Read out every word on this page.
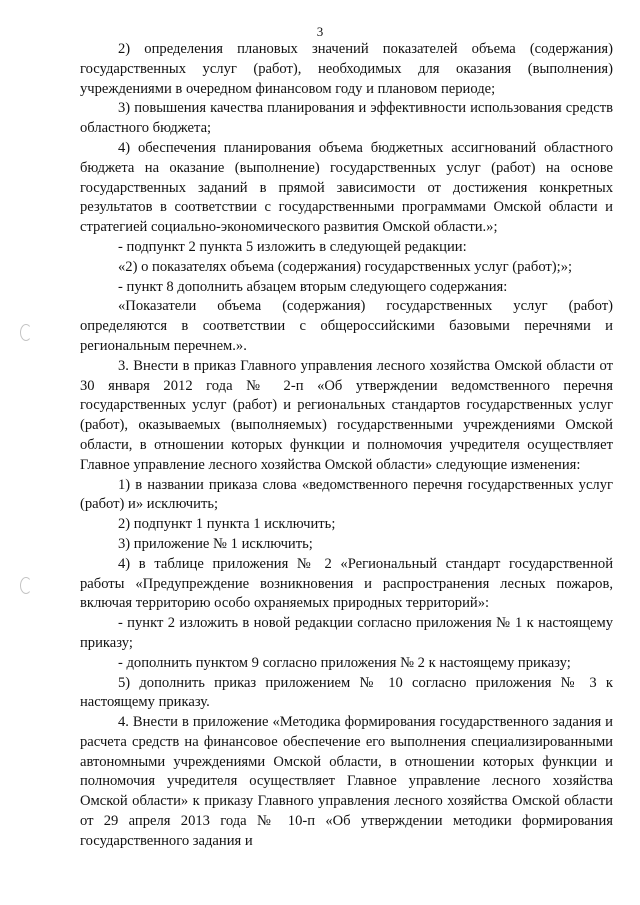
3

2) определения плановых значений показателей объема (содержания) государственных услуг (работ), необходимых для оказания (выполнения) учреждениями в очередном финансовом году и плановом периоде;

3) повышения качества планирования и эффективности использования средств областного бюджета;

4) обеспечения планирования объема бюджетных ассигнований областного бюджета на оказание (выполнение) государственных услуг (работ) на основе государственных заданий в прямой зависимости от достижения конкретных результатов в соответствии с государственными программами Омской области и стратегией социально-экономического развития Омской области.»;

- подпункт 2 пункта 5 изложить в следующей редакции:

«2) о показателях объема (содержания) государственных услуг (работ);»;

- пункт 8 дополнить абзацем вторым следующего содержания:

«Показатели объема (содержания) государственных услуг (работ) определяются в соответствии с общероссийскими базовыми перечнями и региональным перечнем.».

3. Внести в приказ Главного управления лесного хозяйства Омской области от 30 января 2012 года № 2-п «Об утверждении ведомственного перечня государственных услуг (работ) и региональных стандартов государственных услуг (работ), оказываемых (выполняемых) государственными учреждениями Омской области, в отношении которых функции и полномочия учредителя осуществляет Главное управление лесного хозяйства Омской области» следующие изменения:

1) в названии приказа слова «ведомственного перечня государственных услуг (работ) и» исключить;

2) подпункт 1 пункта 1 исключить;

3) приложение № 1 исключить;

4) в таблице приложения № 2 «Региональный стандарт государственной работы «Предупреждение возникновения и распространения лесных пожаров, включая территорию особо охраняемых природных территорий»:

- пункт 2 изложить в новой редакции согласно приложения № 1 к настоящему приказу;

- дополнить пунктом 9 согласно приложения № 2 к настоящему приказу;

5) дополнить приказ приложением № 10 согласно приложения № 3 к настоящему приказу.

4. Внести в приложение «Методика формирования государственного задания и расчета средств на финансовое обеспечение его выполнения специализированными автономными учреждениями Омской области, в отношении которых функции и полномочия учредителя осуществляет Главное управление лесного хозяйства Омской области» к приказу Главного управления лесного хозяйства Омской области от 29 апреля 2013 года № 10-п «Об утверждении методики формирования государственного задания и
